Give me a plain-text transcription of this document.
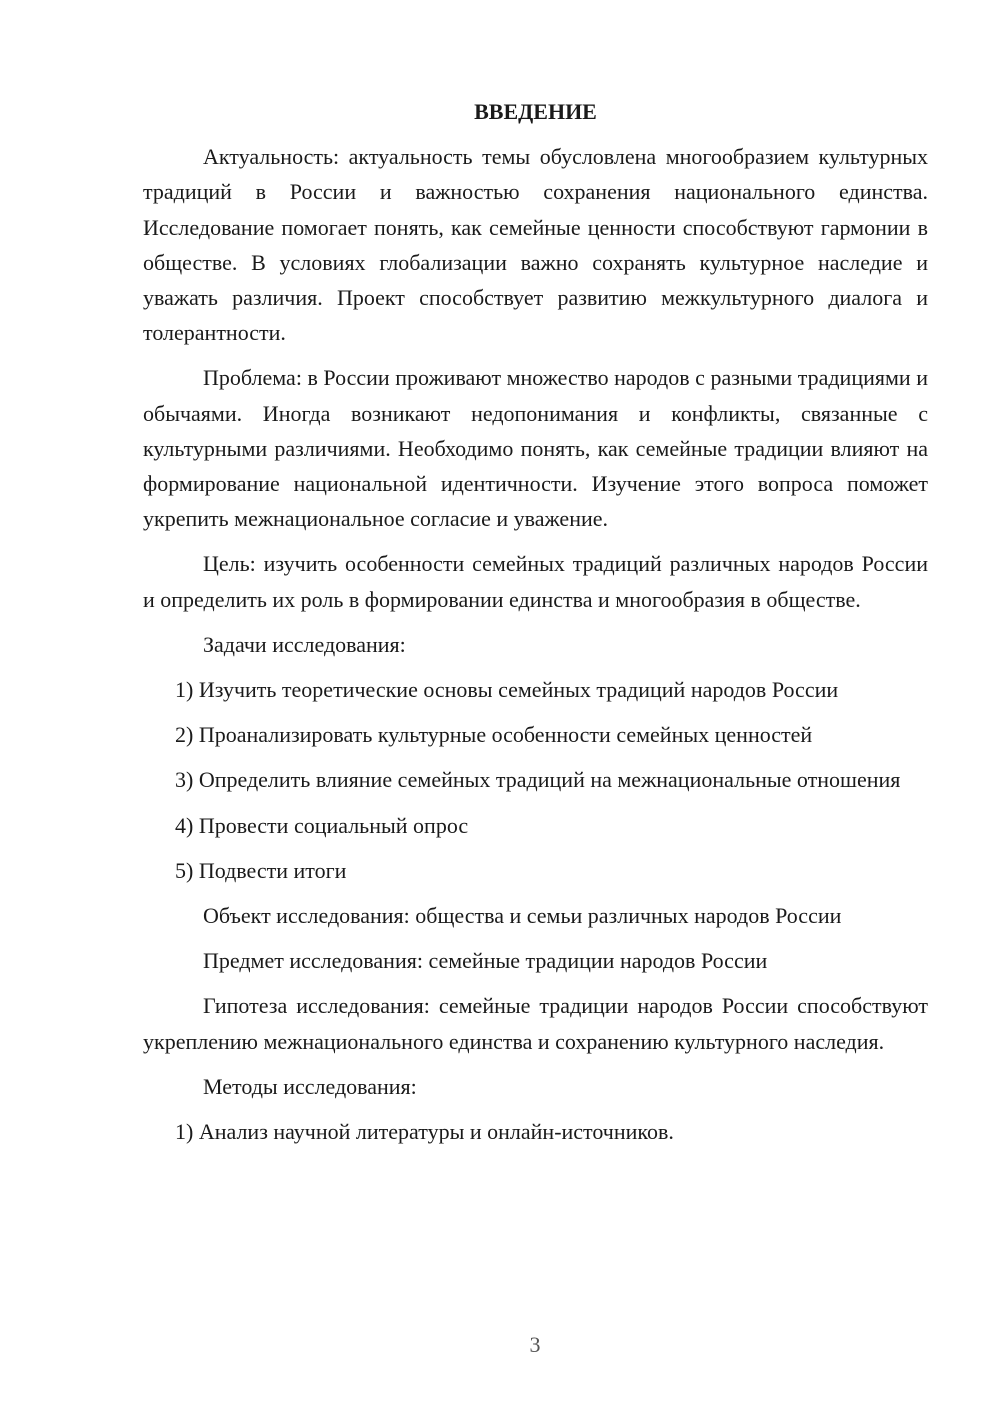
ВВЕДЕНИЕ

Актуальность: актуальность темы обусловлена многообразием культурных традиций в России и важностью сохранения национального единства. Исследование помогает понять, как семейные ценности способствуют гармонии в обществе. В условиях глобализации важно сохранять культурное наследие и уважать различия. Проект способствует развитию межкультурного диалога и толерантности.

Проблема: в России проживают множество народов с разными традициями и обычаями. Иногда возникают недопонимания и конфликты, связанные с культурными различиями. Необходимо понять, как семейные традиции влияют на формирование национальной идентичности. Изучение этого вопроса поможет укрепить межнациональное согласие и уважение.

Цель: изучить особенности семейных традиций различных народов России и определить их роль в формировании единства и многообразия в обществе.

Задачи исследования:

1) Изучить теоретические основы семейных традиций народов России

2) Проанализировать культурные особенности семейных ценностей

3) Определить влияние семейных традиций на межнациональные отношения

4) Провести социальный опрос

5) Подвести итоги

Объект исследования: общества и семьи различных народов России

Предмет исследования: семейные традиции народов России

Гипотеза исследования: семейные традиции народов России способствуют укреплению межнационального единства и сохранению культурного наследия.

Методы исследования:

1) Анализ научной литературы и онлайн-источников.

3
